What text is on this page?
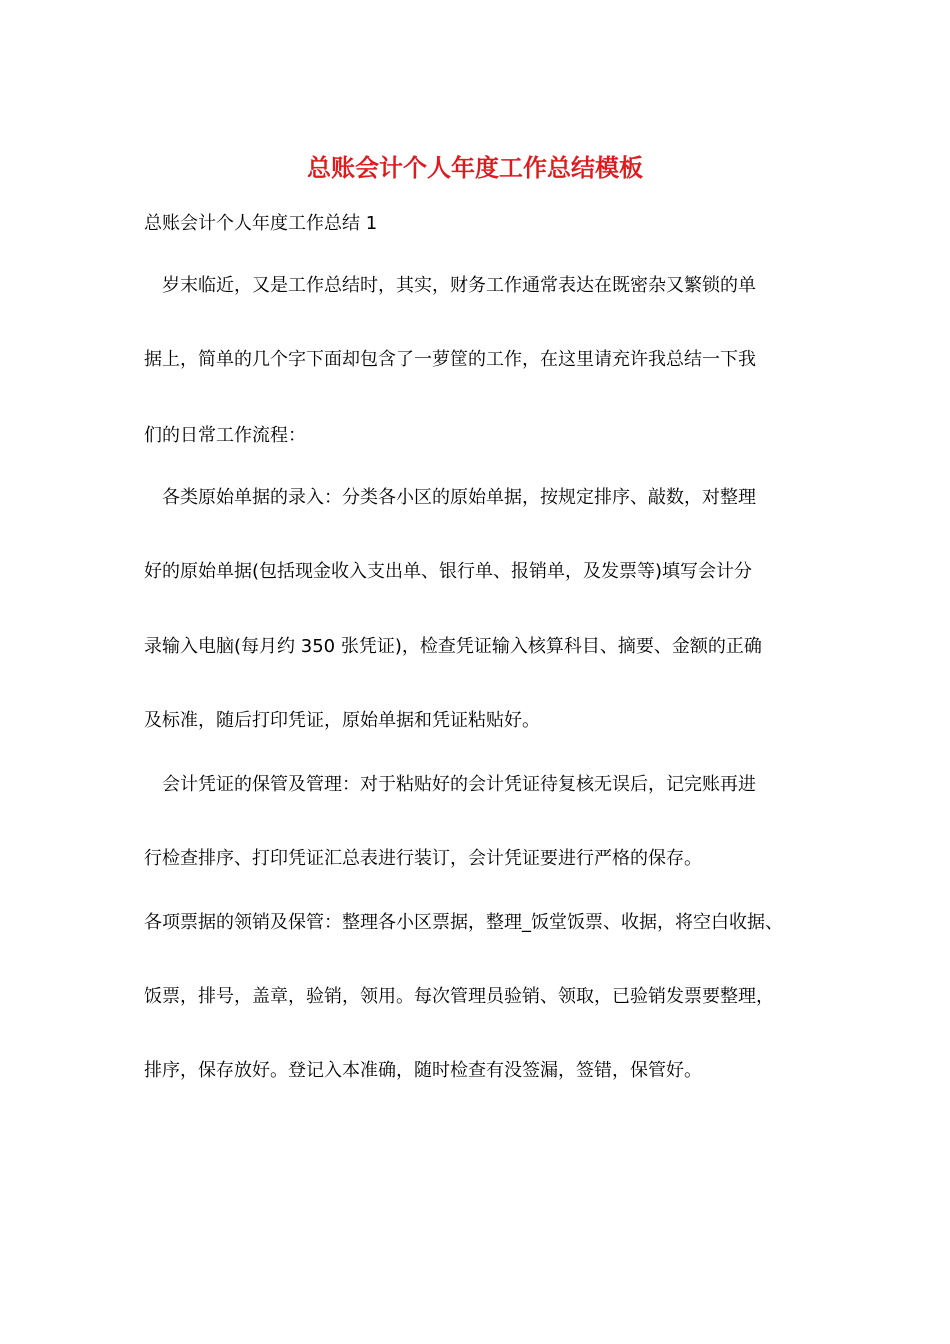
总账会计个人年度工作总结模板
总账会计个人年度工作总结 1
　岁末临近，又是工作总结时，其实，财务工作通常表达在既密杂又繁锁的单
据上，简单的几个字下面却包含了一萝筐的工作，在这里请充许我总结一下我
们的日常工作流程：
　各类原始单据的录入：分类各小区的原始单据，按规定排序、敲数，对整理
好的原始单据(包括现金收入支出单、银行单、报销单，及发票等)填写会计分
录输入电脑(每月约 350 张凭证)，检查凭证输入核算科目、摘要、金额的正确
及标准，随后打印凭证，原始单据和凭证粘贴好。
　会计凭证的保管及管理：对于粘贴好的会计凭证待复核无误后，记完账再进
行检查排序、打印凭证汇总表进行装订，会计凭证要进行严格的保存。
各项票据的领销及保管：整理各小区票据，整理_饭堂饭票、收据，将空白收据、
饭票，排号，盖章，验销，领用。每次管理员验销、领取，已验销发票要整理，
排序，保存放好。登记入本准确，随时检查有没签漏，签错，保管好。
